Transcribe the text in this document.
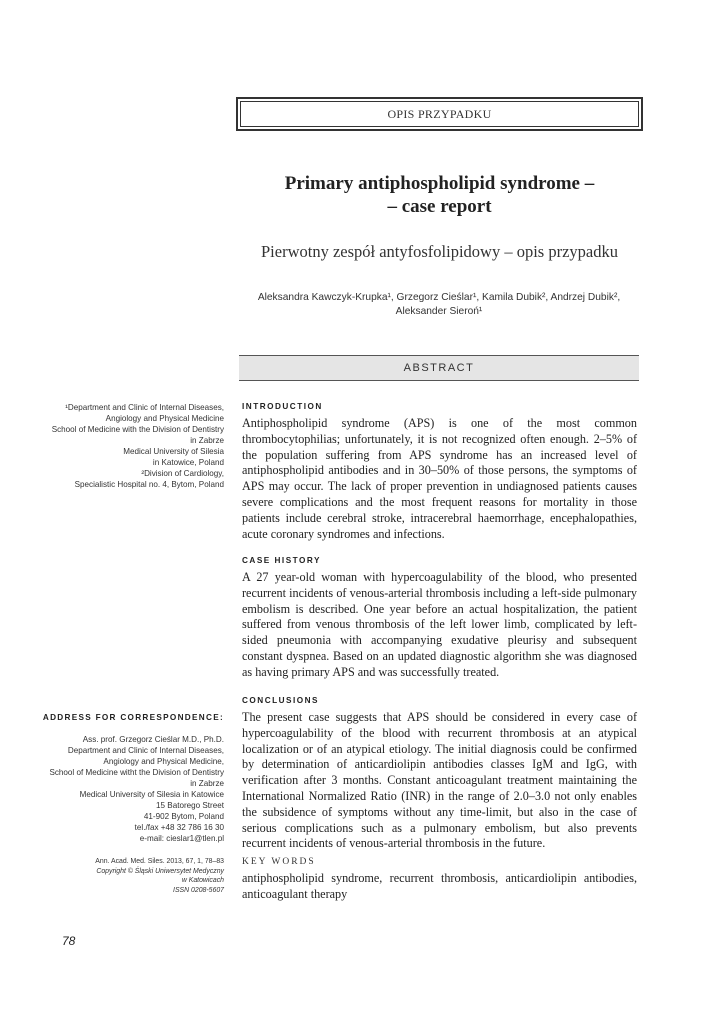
OPIS PRZYPADKU
Primary antiphospholipid syndrome –
– case report
Pierwotny zespół antyfosfolipidowy – opis przypadku
Aleksandra Kawczyk-Krupka¹, Grzegorz Cieślar¹, Kamila Dubik², Andrzej Dubik²,
Aleksander Sieroń¹
ABSTRACT
¹Department and Clinic of Internal Diseases,
Angiology and Physical Medicine
School of Medicine with the Division of Dentistry
in Zabrze
Medical University of Silesia
in Katowice, Poland
²Division of Cardiology,
Specialistic Hospital no. 4, Bytom, Poland
ADDRESS FOR CORRESPONDENCE:
Ass. prof. Grzegorz Cieślar M.D., Ph.D.
Department and Clinic of Internal Diseases,
Angiology and Physical Medicine,
School of Medicine witht the Division of Dentistry
in Zabrze
Medical University of Silesia in Katowice
15 Batorego Street
41-902 Bytom, Poland
tel./fax +48 32 786 16 30
e-mail: cieslar1@tlen.pl
Ann. Acad. Med. Siles. 2013, 67, 1, 78–83
Copyright © Śląski Uniwersytet Medyczny
w Katowicach
ISSN 0208-5607
INTRODUCTION
Antiphospholipid syndrome (APS) is one of the most common thrombocytophilias; unfortunately, it is not recognized often enough. 2–5% of the population suffering from APS syndrome has an increased level of antiphospholipid antibodies and in 30–50% of those persons, the symptoms of APS may occur. The lack of proper prevention in undiagnosed patients causes severe complications and the most frequent reasons for mortality in those patients include cerebral stroke, intracerebral haemorrhage, encephalopathies, acute coronary syndromes and infections.
CASE HISTORY
A 27 year-old woman with hypercoagulability of the blood, who presented recurrent incidents of venous-arterial thrombosis including a left-side pulmonary embolism is described. One year before an actual hospitalization, the patient suffered from venous thrombosis of the left lower limb, complicated by left-sided pneumonia with accompanying exudative pleurisy and subsequent constant dyspnea. Based on an updated diagnostic algorithm she was diagnosed as having primary APS and was successfully treated.
CONCLUSIONS
The present case suggests that APS should be considered in every case of hypercoagulability of the blood with recurrent thrombosis at an atypical localization or of an atypical etiology. The initial diagnosis could be confirmed by determination of anticardiolipin antibodies classes IgM and IgG, with verification after 3 months. Constant anticoagulant treatment maintaining the International Normalized Ratio (INR) in the range of 2.0–3.0 not only enables the subsidence of symptoms without any time-limit, but also in the case of serious complications such as a pulmonary embolism, but also prevents recurrent incidents of venous-arterial thrombosis in the future.
KEY WORDS
antiphospholipid syndrome, recurrent thrombosis, anticardiolipin antibodies, anticoagulant therapy
78
